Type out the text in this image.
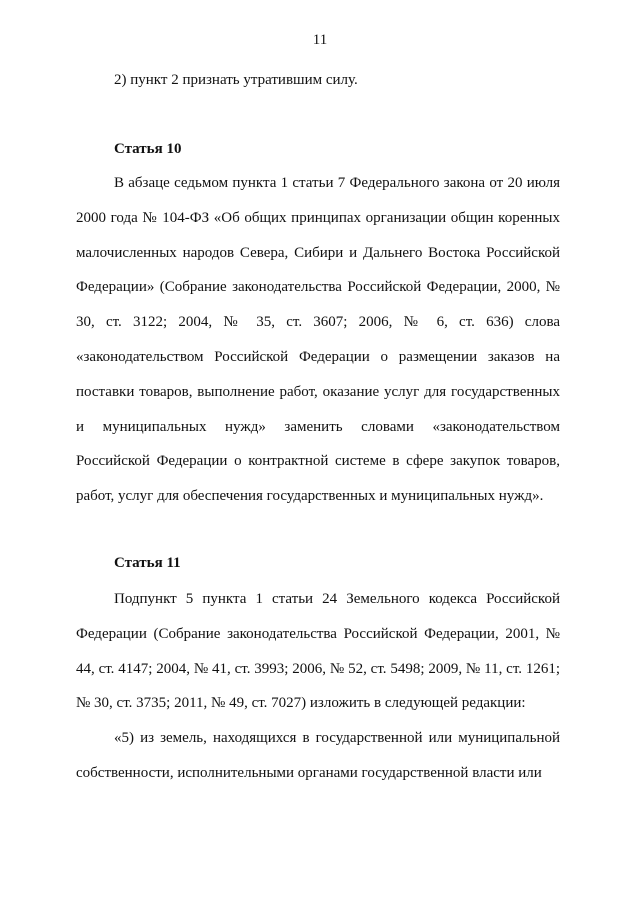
11

2) пункт 2 признать утратившим силу.

Статья 10

В абзаце седьмом пункта 1 статьи 7 Федерального закона от 20 июля 2000 года № 104-ФЗ «Об общих принципах организации общин коренных малочисленных народов Севера, Сибири и Дальнего Востока Российской Федерации» (Собрание законодательства Российской Федерации, 2000, № 30, ст. 3122; 2004, № 35, ст. 3607; 2006, № 6, ст. 636) слова «законодательством Российской Федерации о размещении заказов на поставки товаров, выполнение работ, оказание услуг для государственных и муниципальных нужд» заменить словами «законодательством Российской Федерации о контрактной системе в сфере закупок товаров, работ, услуг для обеспечения государственных и муниципальных нужд».

Статья 11

Подпункт 5 пункта 1 статьи 24 Земельного кодекса Российской Федерации (Собрание законодательства Российской Федерации, 2001, № 44, ст. 4147; 2004, № 41, ст. 3993; 2006, № 52, ст. 5498; 2009, № 11, ст. 1261; № 30, ст. 3735; 2011, № 49, ст. 7027) изложить в следующей редакции:

«5) из земель, находящихся в государственной или муниципальной собственности, исполнительными органами государственной власти или
